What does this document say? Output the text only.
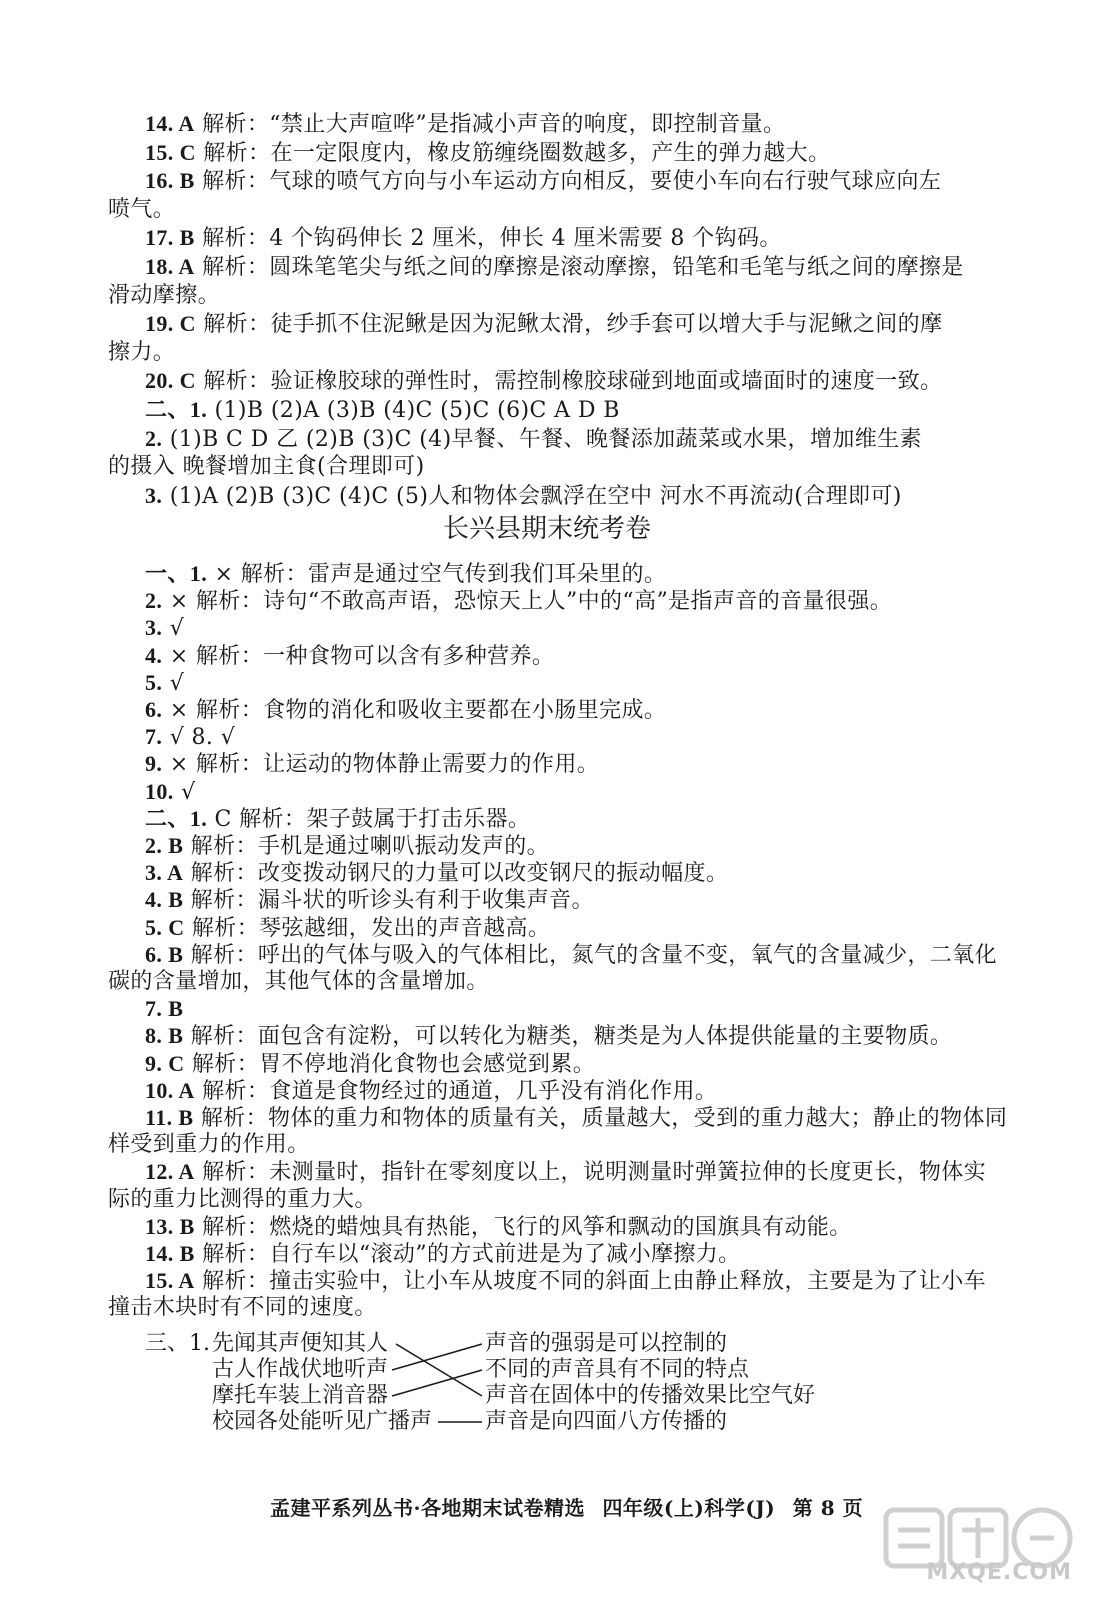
14. A 解析：“禁止大声喧哗”是指减小声音的响度，即控制音量。
15. C 解析：在一定限度内，橡皮筋缠绕圈数越多，产生的弹力越大。
16. B 解析：气球的喷气方向与小车运动方向相反，要使小车向右行驶气球应向左
喷气。
17. B 解析：4 个钩码伸长 2 厘米，伸长 4 厘米需要 8 个钩码。
18. A 解析：圆珠笔笔尖与纸之间的摩擦是滚动摩擦，铅笔和毛笔与纸之间的摩擦是
滑动摩擦。
19. C 解析：徒手抓不住泥鳅是因为泥鳅太滑，纱手套可以增大手与泥鳅之间的摩
擦力。
20. C 解析：验证橡胶球的弹性时，需控制橡胶球碰到地面或墙面时的速度一致。
二、1. (1)B (2)A (3)B (4)C (5)C (6)C A D B
2. (1)B C D 乙 (2)B (3)C (4)早餐、午餐、晚餐添加蔬菜或水果，增加维生素
的摄入 晚餐增加主食(合理即可)
3. (1)A (2)B (3)C (4)C (5)人和物体会飘浮在空中 河水不再流动(合理即可)
长兴县期末统考卷
一、1. × 解析：雷声是通过空气传到我们耳朵里的。
2. × 解析：诗句“不敢高声语，恐惊天上人”中的“高”是指声音的音量很强。
3. √
4. × 解析：一种食物可以含有多种营养。
5. √
6. × 解析：食物的消化和吸收主要都在小肠里完成。
7. √ 8. √
9. × 解析：让运动的物体静止需要力的作用。
10. √
二、1. C 解析：架子鼓属于打击乐器。
2. B 解析：手机是通过喇叭振动发声的。
3. A 解析：改变拨动钢尺的力量可以改变钢尺的振动幅度。
4. B 解析：漏斗状的听诊头有利于收集声音。
5. C 解析：琴弦越细，发出的声音越高。
6. B 解析：呼出的气体与吸入的气体相比，氮气的含量不变，氧气的含量减少，二氧化
碳的含量增加，其他气体的含量增加。
7. B
8. B 解析：面包含有淀粉，可以转化为糖类，糖类是为人体提供能量的主要物质。
9. C 解析：胃不停地消化食物也会感觉到累。
10. A 解析：食道是食物经过的通道，几乎没有消化作用。
11. B 解析：物体的重力和物体的质量有关，质量越大，受到的重力越大；静止的物体同
样受到重力的作用。
12. A 解析：未测量时，指针在零刻度以上，说明测量时弹簧拉伸的长度更长，物体实
际的重力比测得的重力大。
13. B 解析：燃烧的蜡烛具有热能，飞行的风筝和飘动的国旗具有动能。
14. B 解析：自行车以“滚动”的方式前进是为了减小摩擦力。
15. A 解析：撞击实验中，让小车从坡度不同的斜面上由静止释放，主要是为了让小车
撞击木块时有不同的速度。
三、1. 先闻其声便知其人
古人作战伏地听声
摩托车装上消音器
校园各处能听见广播声
声音的强弱是可以控制的
不同的声音具有不同的特点
声音在固体中的传播效果比空气好
声音是向四面八方传播的
孟建平系列丛书·各地期末试卷精选 四年级(上)科学(J) 第 8 页
MXQE.COM
